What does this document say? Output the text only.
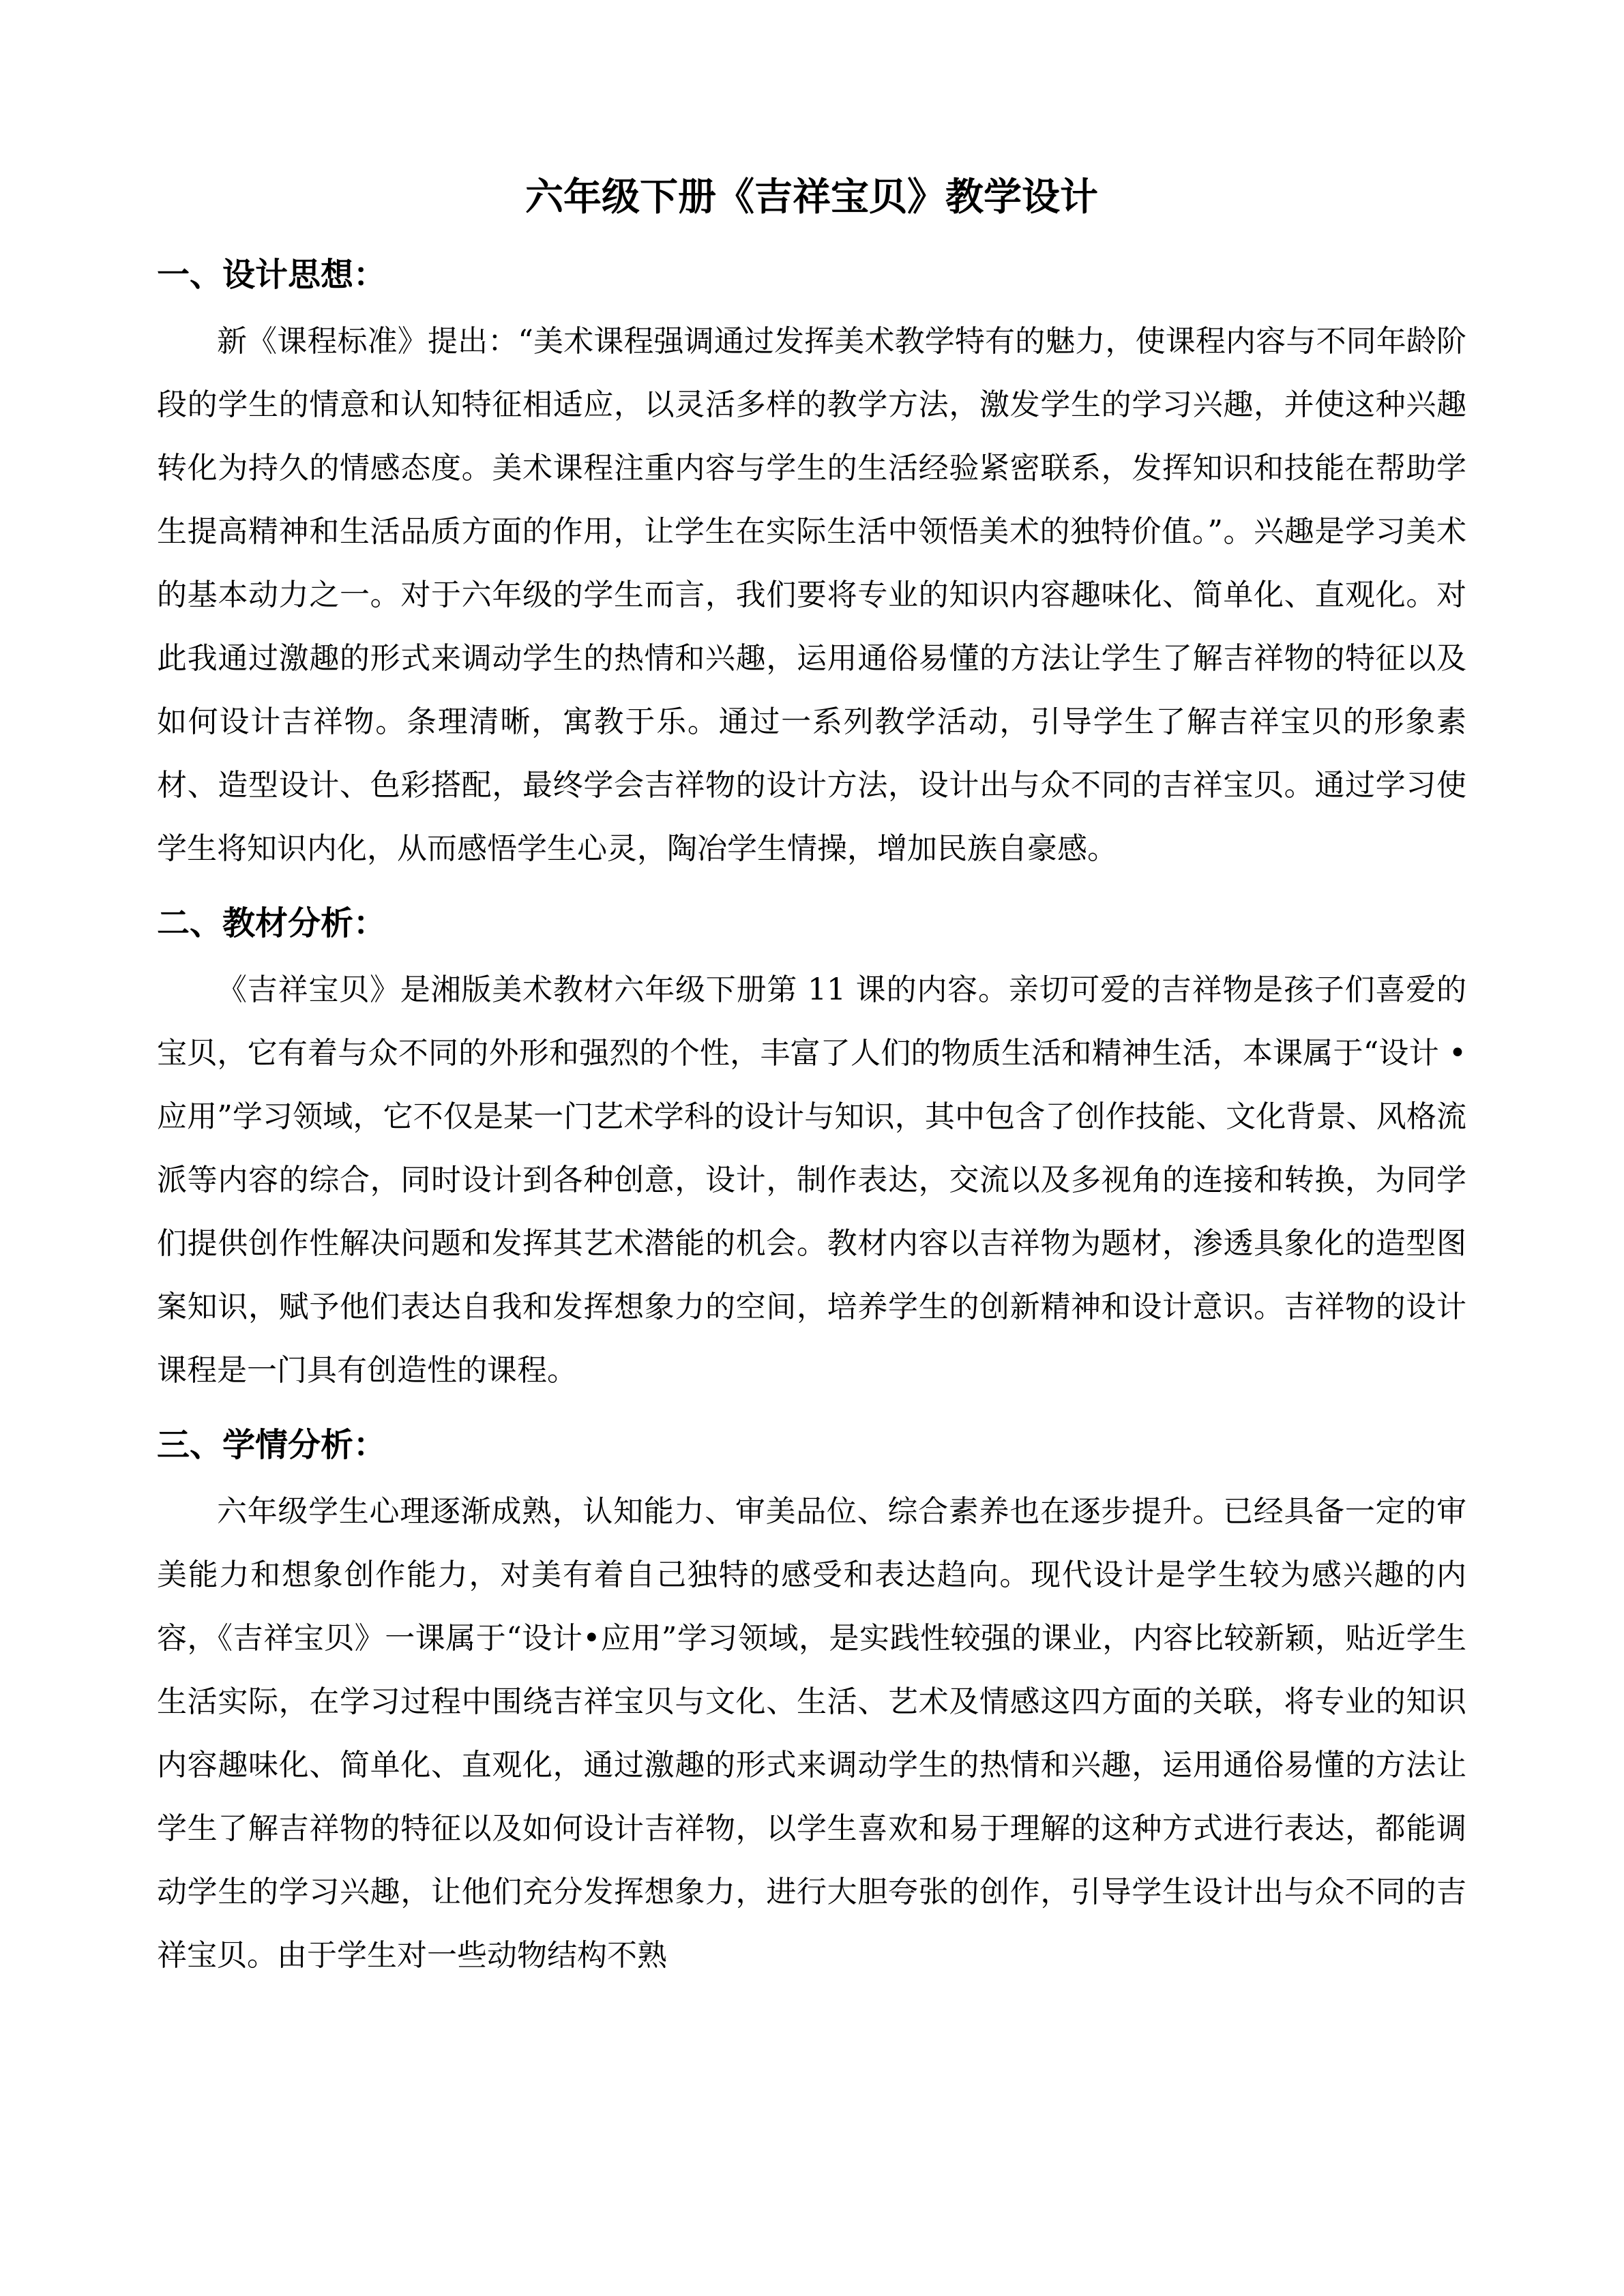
六年级下册《吉祥宝贝》教学设计
一、设计思想：

新《课程标准》提出：“美术课程强调通过发挥美术教学特有的魅力，使课程内容与不同年龄阶段的学生的情意和认知特征相适应，以灵活多样的教学方法，激发学生的学习兴趣，并使这种兴趣转化为持久的情感态度。美术课程注重内容与学生的生活经验紧密联系，发挥知识和技能在帮助学生提高精神和生活品质方面的作用，让学生在实际生活中领悟美术的独特价值。”。兴趣是学习美术的基本动力之一。对于六年级的学生而言，我们要将专业的知识内容趣味化、简单化、直观化。对此我通过激趣的形式来调动学生的热情和兴趣，运用通俗易懂的方法让学生了解吉祥物的特征以及如何设计吉祥物。条理清晰，寓教于乐。通过一系列教学活动，引导学生了解吉祥宝贝的形象素材、造型设计、色彩搭配，最终学会吉祥物的设计方法，设计出与众不同的吉祥宝贝。通过学习使学生将知识内化，从而感悟学生心灵，陶冶学生情操，增加民族自豪感。

二、教材分析：

《吉祥宝贝》是湘版美术教材六年级下册第 11 课的内容。亲切可爱的吉祥物是孩子们喜爱的宝贝，它有着与众不同的外形和强烈的个性，丰富了人们的物质生活和精神生活，本课属于“设计 • 应用”学习领域，它不仅是某一门艺术学科的设计与知识，其中包含了创作技能、文化背景、风格流派等内容的综合，同时设计到各种创意，设计，制作表达，交流以及多视角的连接和转换，为同学们提供创作性解决问题和发挥其艺术潜能的机会。教材内容以吉祥物为题材，渗透具象化的造型图案知识，赋予他们表达自我和发挥想象力的空间，培养学生的创新精神和设计意识。吉祥物的设计课程是一门具有创造性的课程。

三、学情分析：

六年级学生心理逐渐成熟，认知能力、审美品位、综合素养也在逐步提升。已经具备一定的审美能力和想象创作能力，对美有着自己独特的感受和表达趋向。现代设计是学生较为感兴趣的内容，《吉祥宝贝》一课属于“设计•应用”学习领域，是实践性较强的课业，内容比较新颖，贴近学生生活实际，在学习过程中围绕吉祥宝贝与文化、生活、艺术及情感这四方面的关联，将专业的知识内容趣味化、简单化、直观化，通过激趣的形式来调动学生的热情和兴趣，运用通俗易懂的方法让学生了解吉祥物的特征以及如何设计吉祥物，以学生喜欢和易于理解的这种方式进行表达，都能调动学生的学习兴趣，让他们充分发挥想象力，进行大胆夸张的创作，引导学生设计出与众不同的吉祥宝贝。由于学生对一些动物结构不熟
